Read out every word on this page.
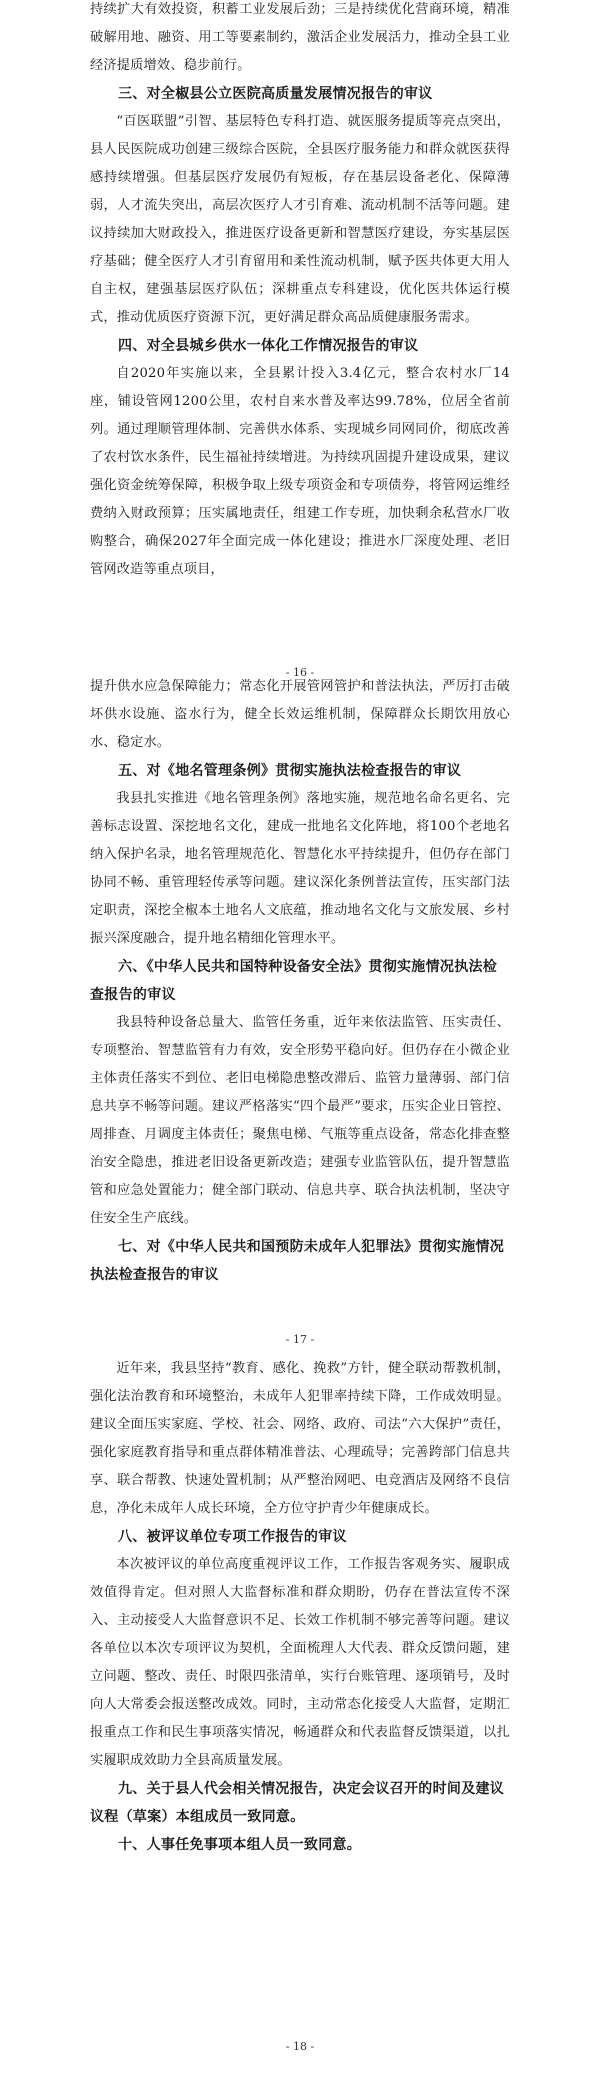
持续扩大有效投资，积蓄工业发展后劲；三是持续优化营商环境，精准破解用地、融资、用工等要素制约，激活企业发展活力，推动全县工业经济提质增效、稳步前行。

三、对全椒县公立医院高质量发展情况报告的审议

“百医联盟”引智、基层特色专科打造、就医服务提质等亮点突出，县人民医院成功创建三级综合医院，全县医疗服务能力和群众就医获得感持续增强。但基层医疗发展仍有短板，存在基层设备老化、保障薄弱，人才流失突出，高层次医疗人才引育难、流动机制不活等问题。建议持续加大财政投入，推进医疗设备更新和智慧医疗建设，夯实基层医疗基础；健全医疗人才引育留用和柔性流动机制，赋予医共体更大用人自主权，建强基层医疗队伍；深耕重点专科建设，优化医共体运行模式，推动优质医疗资源下沉，更好满足群众高品质健康服务需求。

四、对全县城乡供水一体化工作情况报告的审议

自2020年实施以来，全县累计投入3.4亿元，整合农村水厂14座，铺设管网1200公里，农村自来水普及率达99.78%，位居全省前列。通过理顺管理体制、完善供水体系、实现城乡同网同价，彻底改善了农村饮水条件，民生福祉持续增进。为持续巩固提升建设成果，建议强化资金统筹保障，积极争取上级专项资金和专项债券，将管网运维经费纳入财政预算；压实属地责任，组建工作专班，加快剩余私营水厂收购整合，确保2027年全面完成一体化建设；推进水厂深度处理、老旧管网改造等重点项目，

- 16 -

提升供水应急保障能力；常态化开展管网管护和普法执法，严厉打击破坏供水设施、盗水行为，健全长效运维机制，保障群众长期饮用放心水、稳定水。

五、对《地名管理条例》贯彻实施执法检查报告的审议

我县扎实推进《地名管理条例》落地实施，规范地名命名更名、完善标志设置、深挖地名文化，建成一批地名文化阵地，将100个老地名纳入保护名录，地名管理规范化、智慧化水平持续提升，但仍存在部门协同不畅、重管理轻传承等问题。建议深化条例普法宣传，压实部门法定职责，深挖全椒本土地名人文底蕴，推动地名文化与文旅发展、乡村振兴深度融合，提升地名精细化管理水平。

六、《中华人民共和国特种设备安全法》贯彻实施情况执法检查报告的审议

我县特种设备总量大、监管任务重，近年来依法监管、压实责任、专项整治、智慧监管有力有效，安全形势平稳向好。但仍存在小微企业主体责任落实不到位、老旧电梯隐患整改滞后、监管力量薄弱、部门信息共享不畅等问题。建议严格落实“四个最严”要求，压实企业日管控、周排查、月调度主体责任；聚焦电梯、气瓶等重点设备，常态化排查整治安全隐患，推进老旧设备更新改造；建强专业监管队伍，提升智慧监管和应急处置能力；健全部门联动、信息共享、联合执法机制，坚决守住安全生产底线。

七、对《中华人民共和国预防未成年人犯罪法》贯彻实施情况执法检查报告的审议
- 17 -

近年来，我县坚持“教育、感化、挽救”方针，健全联动帮教机制，强化法治教育和环境整治，未成年人犯罪率持续下降，工作成效明显。建议全面压实家庭、学校、社会、网络、政府、司法“六大保护”责任，强化家庭教育指导和重点群体精准普法、心理疏导；完善跨部门信息共享、联合帮教、快速处置机制；从严整治网吧、电竞酒店及网络不良信息，净化未成年人成长环境，全方位守护青少年健康成长。

八、被评议单位专项工作报告的审议

本次被评议的单位高度重视评议工作，工作报告客观务实、履职成效值得肯定。但对照人大监督标准和群众期盼，仍存在普法宣传不深入、主动接受人大监督意识不足、长效工作机制不够完善等问题。建议各单位以本次专项评议为契机，全面梳理人大代表、群众反馈问题，建立问题、整改、责任、时限四张清单，实行台账管理、逐项销号，及时向人大常委会报送整改成效。同时，主动常态化接受人大监督，定期汇报重点工作和民生事项落实情况，畅通群众和代表监督反馈渠道，以扎实履职成效助力全县高质量发展。

九、关于县人代会相关情况报告，决定会议召开的时间及建议议程（草案）本组成员一致同意。
十、人事任免事项本组人员一致同意。
- 18 -
